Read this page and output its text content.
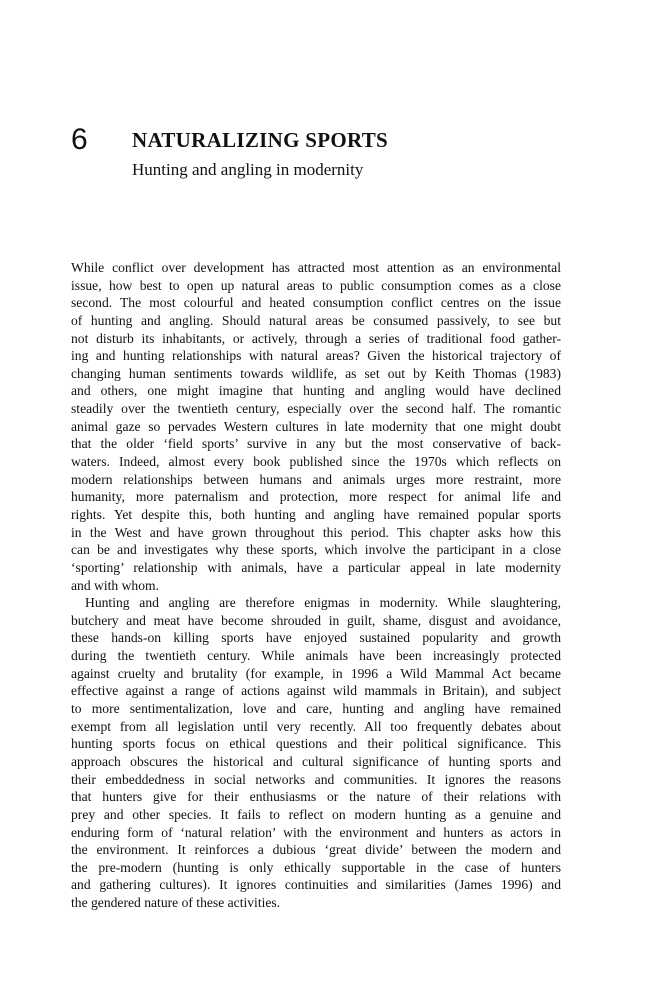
6 NATURALIZING SPORTS
Hunting and angling in modernity
While conflict over development has attracted most attention as an environmental
issue, how best to open up natural areas to public consumption comes as a close
second. The most colourful and heated consumption conflict centres on the issue
of hunting and angling. Should natural areas be consumed passively, to see but
not disturb its inhabitants, or actively, through a series of traditional food gather-
ing and hunting relationships with natural areas? Given the historical trajectory of
changing human sentiments towards wildlife, as set out by Keith Thomas (1983)
and others, one might imagine that hunting and angling would have declined
steadily over the twentieth century, especially over the second half. The romantic
animal gaze so pervades Western cultures in late modernity that one might doubt
that the older ‘field sports’ survive in any but the most conservative of back-
waters. Indeed, almost every book published since the 1970s which reflects on
modern relationships between humans and animals urges more restraint, more
humanity, more paternalism and protection, more respect for animal life and
rights. Yet despite this, both hunting and angling have remained popular sports
in the West and have grown throughout this period. This chapter asks how this
can be and investigates why these sports, which involve the participant in a close
‘sporting’ relationship with animals, have a particular appeal in late modernity
and with whom.
Hunting and angling are therefore enigmas in modernity. While slaughtering,
butchery and meat have become shrouded in guilt, shame, disgust and avoidance,
these hands-on killing sports have enjoyed sustained popularity and growth
during the twentieth century. While animals have been increasingly protected
against cruelty and brutality (for example, in 1996 a Wild Mammal Act became
effective against a range of actions against wild mammals in Britain), and subject
to more sentimentalization, love and care, hunting and angling have remained
exempt from all legislation until very recently. All too frequently debates about
hunting sports focus on ethical questions and their political significance. This
approach obscures the historical and cultural significance of hunting sports and
their embeddedness in social networks and communities. It ignores the reasons
that hunters give for their enthusiasms or the nature of their relations with
prey and other species. It fails to reflect on modern hunting as a genuine and
enduring form of ‘natural relation’ with the environment and hunters as actors in
the environment. It reinforces a dubious ‘great divide’ between the modern and
the pre-modern (hunting is only ethically supportable in the case of hunters
and gathering cultures). It ignores continuities and similarities (James 1996) and
the gendered nature of these activities.
